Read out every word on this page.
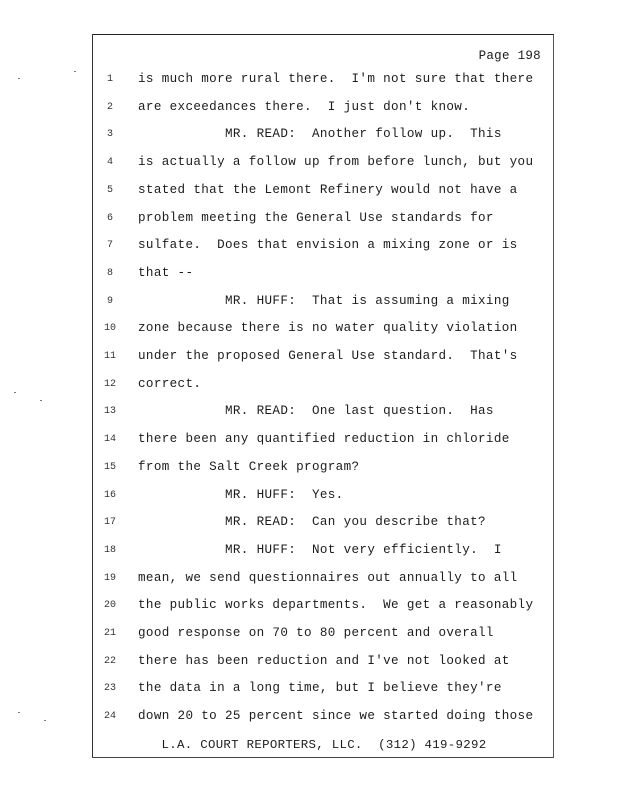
Page 198
L.A. COURT REPORTERS, LLC.  (312) 419-9292
1	is much more rural there.  I'm not sure that there
2	are exceedances there.  I just don't know.
3	MR. READ:  Another follow up.  This
4	is actually a follow up from before lunch, but you
5	stated that the Lemont Refinery would not have a
6	problem meeting the General Use standards for
7	sulfate.  Does that envision a mixing zone or is
8	that --
9	MR. HUFF:  That is assuming a mixing
10 zone because there is no water quality violation
11 under the proposed General Use standard.  That's
12 correct.
13 MR. READ:  One last question.  Has
14 there been any quantified reduction in chloride
15 from the Salt Creek program?
16 MR. HUFF:  Yes.
17 MR. READ:  Can you describe that?
18 MR. HUFF:  Not very efficiently.  I
19 mean, we send questionnaires out annually to all
20 the public works departments.  We get a reasonably
21 good response on 70 to 80 percent and overall
22 there has been reduction and I've not looked at
23 the data in a long time, but I believe they're
24 down 20 to 25 percent since we started doing those
